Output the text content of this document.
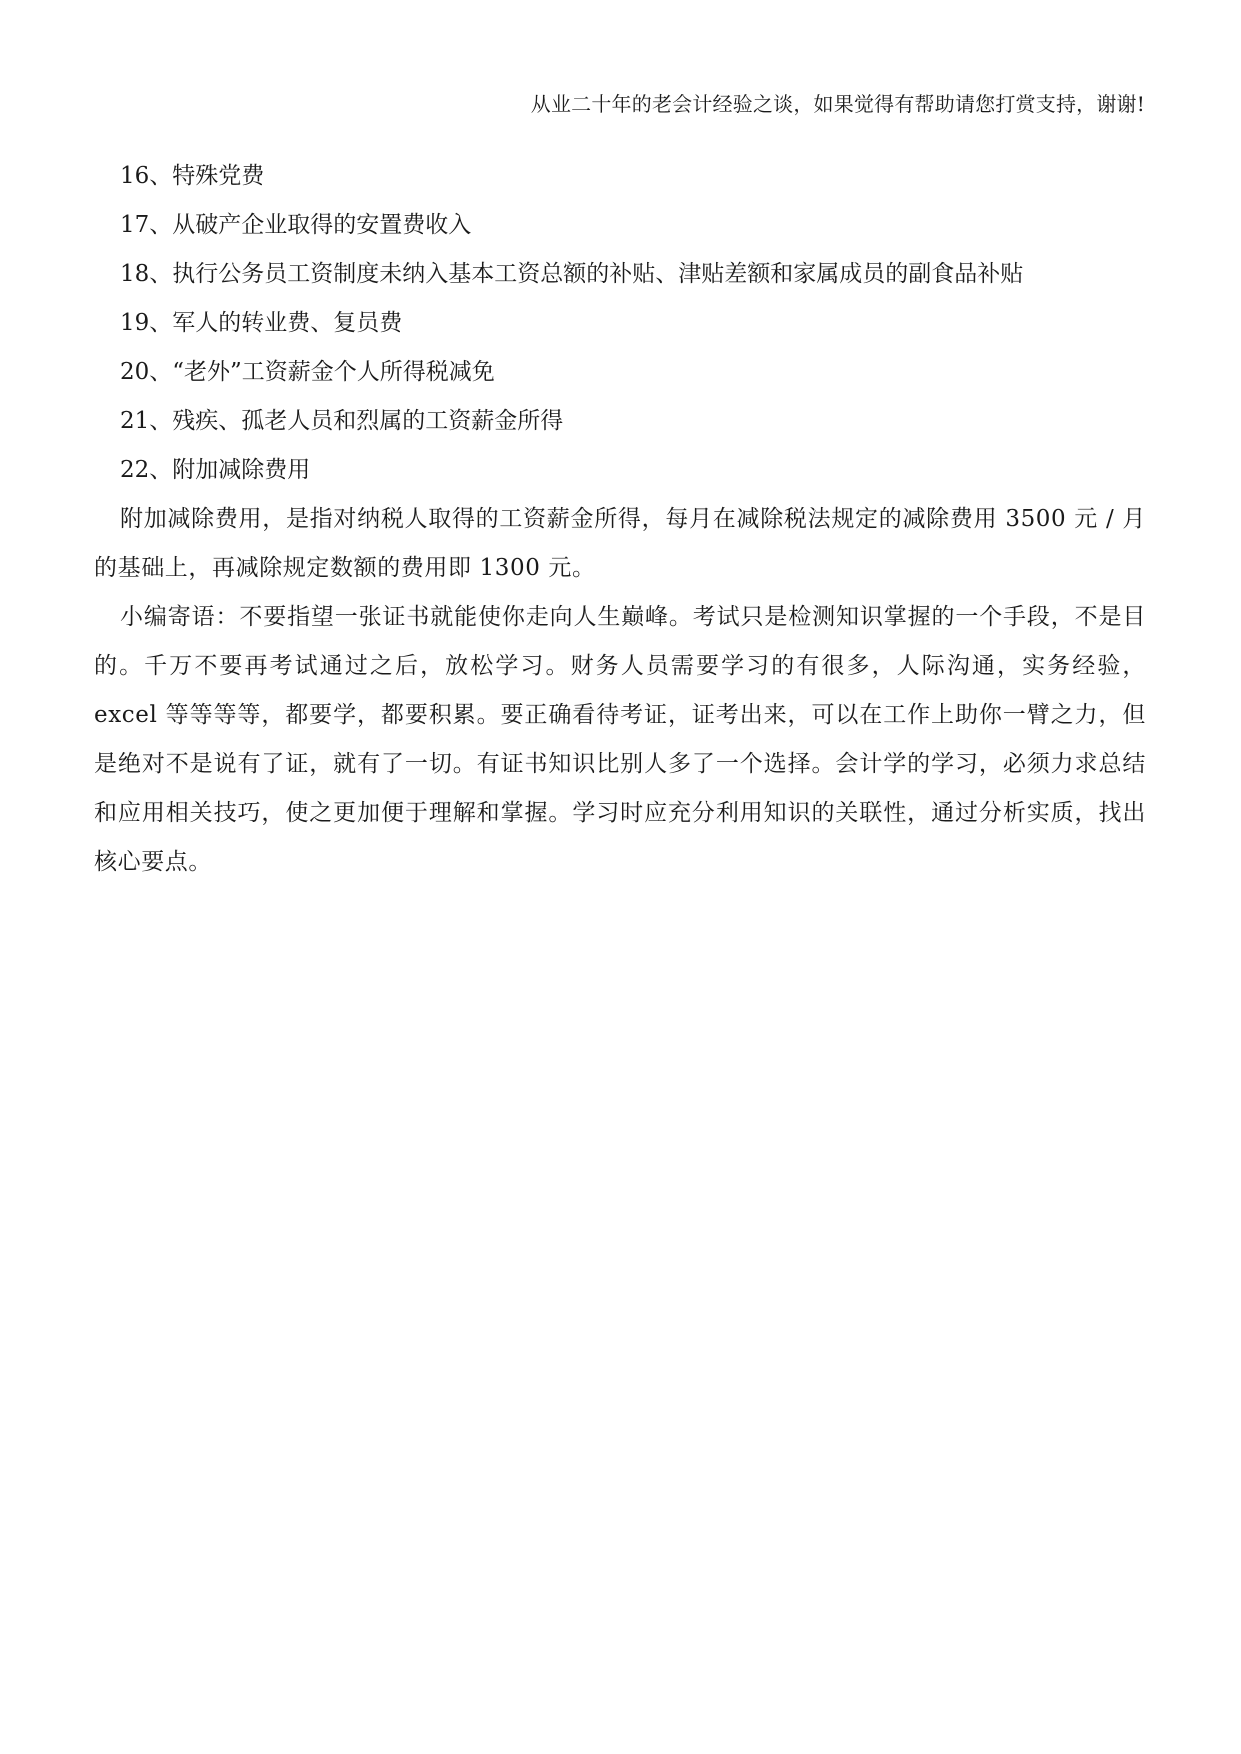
从业二十年的老会计经验之谈，如果觉得有帮助请您打赏支持，谢谢!
16、特殊党费
17、从破产企业取得的安置费收入
18、执行公务员工资制度未纳入基本工资总额的补贴、津贴差额和家属成员的副食品补贴
19、军人的转业费、复员费
20、“老外”工资薪金个人所得税减免
21、残疾、孤老人员和烈属的工资薪金所得
22、附加减除费用

附加减除费用，是指对纳税人取得的工资薪金所得，每月在减除税法规定的减除费用 3500 元 / 月的基础上，再减除规定数额的费用即 1300 元。

小编寄语：不要指望一张证书就能使你走向人生巅峰。考试只是检测知识掌握的一个手段，不是目的。千万不要再考试通过之后，放松学习。财务人员需要学习的有很多，人际沟通，实务经验，excel 等等等等，都要学，都要积累。要正确看待考证，证考出来，可以在工作上助你一臂之力，但是绝对不是说有了证，就有了一切。有证书知识比别人多了一个选择。会计学的学习，必须力求总结和应用相关技巧，使之更加便于理解和掌握。学习时应充分利用知识的关联性，通过分析实质，找出核心要点。
